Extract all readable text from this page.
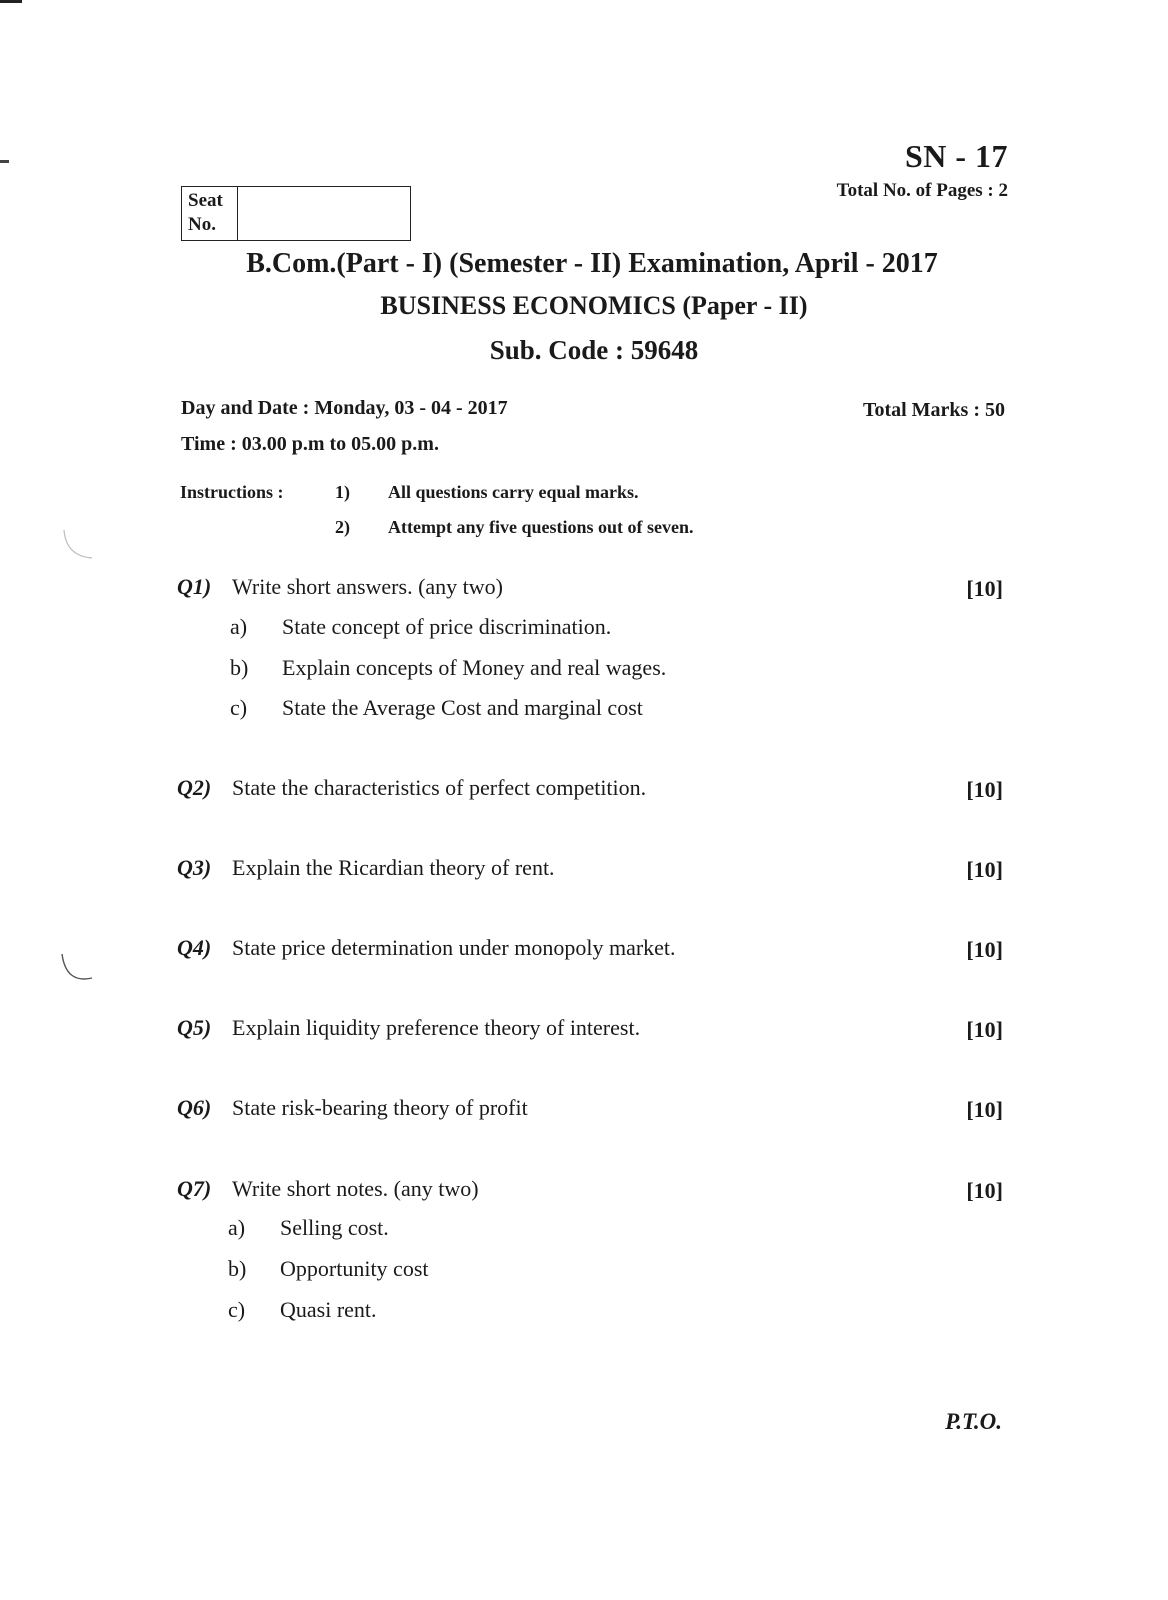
SN - 17
Total No. of Pages : 2
Seat
No.
B.Com.(Part - I) (Semester - II) Examination, April - 2017
BUSINESS ECONOMICS (Paper - II)
Sub. Code : 59648
Day and Date : Monday, 03 - 04 - 2017	Total Marks : 50
Time : 03.00 p.m to 05.00 p.m.
Instructions :	1) All questions carry equal marks.
2) Attempt any five questions out of seven.
Q1) Write short answers. (any two)	[10]
a) State concept of price discrimination.
b) Explain concepts of Money and real wages.
c) State the Average Cost and marginal cost
Q2) State the characteristics of perfect competition.	[10]
Q3) Explain the Ricardian theory of rent.	[10]
Q4) State price determination under monopoly market.	[10]
Q5) Explain liquidity preference theory of interest.	[10]
Q6) State risk-bearing theory of profit	[10]
Q7) Write short notes. (any two)	[10]
a) Selling cost.
b) Opportunity cost
c) Quasi rent.
P.T.O.
